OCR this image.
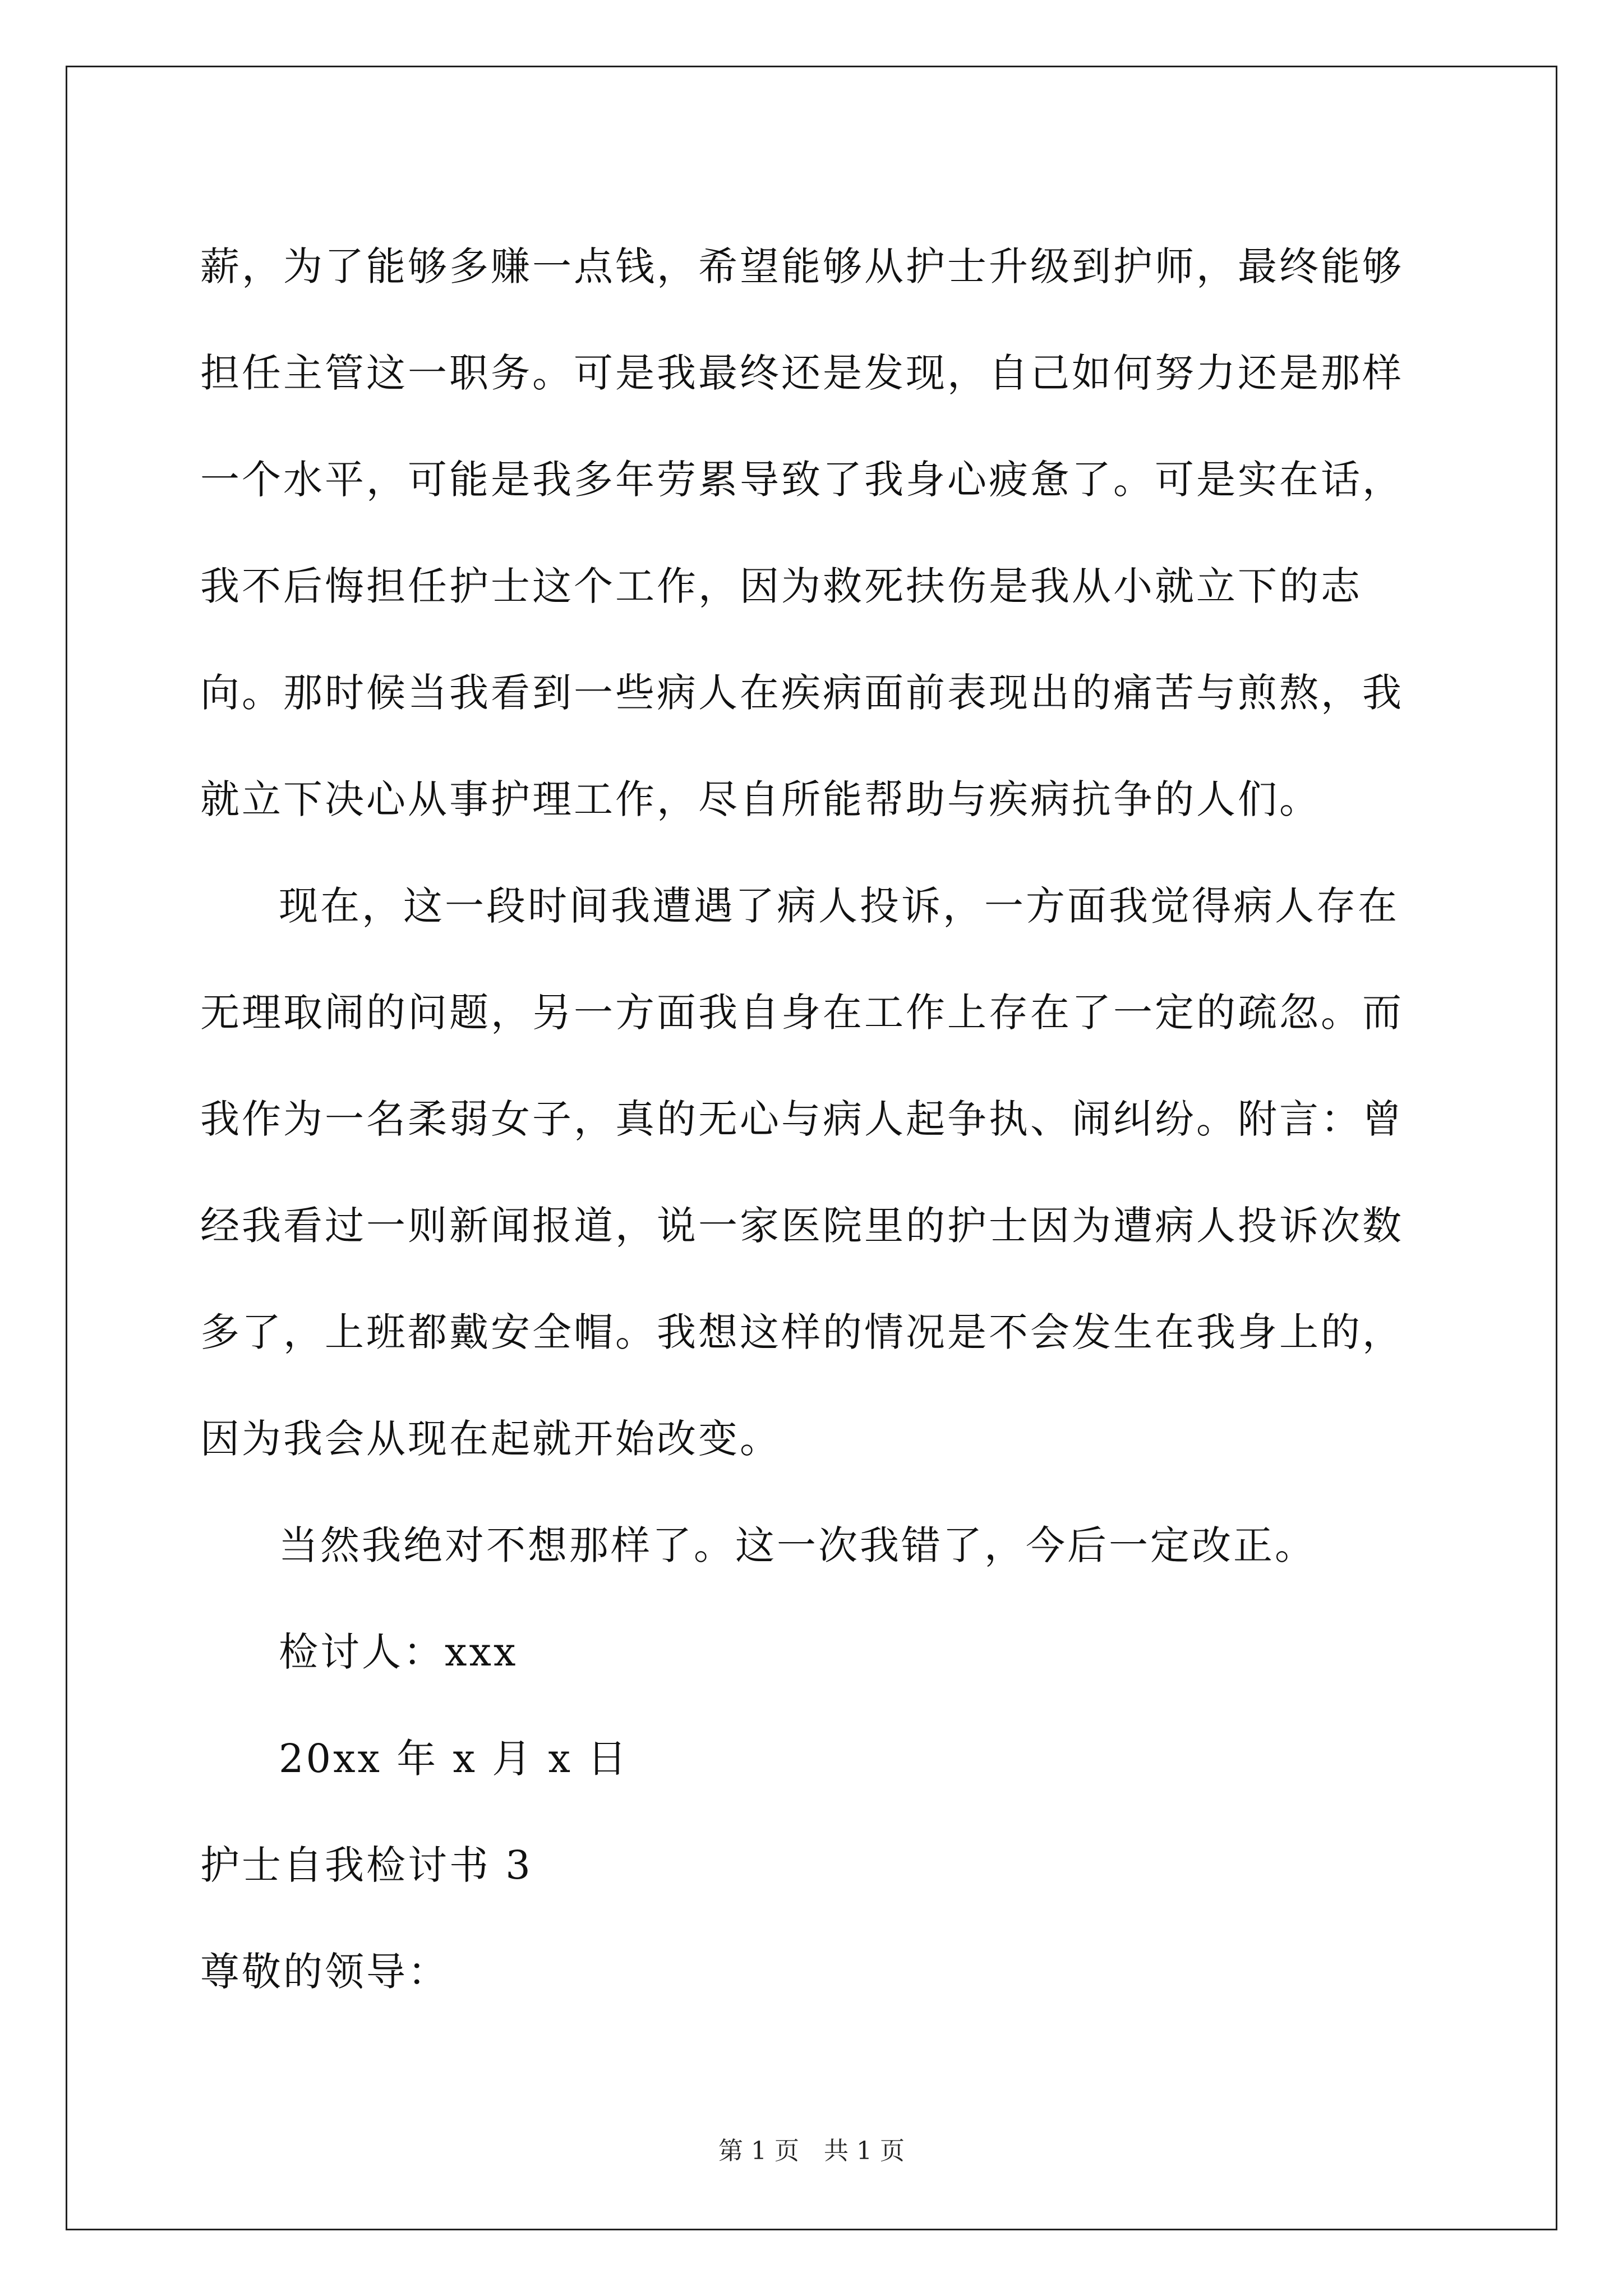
薪，为了能够多赚一点钱，希望能够从护士升级到护师，最终能够担任主管这一职务。可是我最终还是发现，自己如何努力还是那样一个水平，可能是我多年劳累导致了我身心疲惫了。可是实在话，我不后悔担任护士这个工作，因为救死扶伤是我从小就立下的志向。那时候当我看到一些病人在疾病面前表现出的痛苦与煎熬，我就立下决心从事护理工作，尽自所能帮助与疾病抗争的人们。

现在，这一段时间我遭遇了病人投诉，一方面我觉得病人存在无理取闹的问题，另一方面我自身在工作上存在了一定的疏忽。而我作为一名柔弱女子，真的无心与病人起争执、闹纠纷。附言：曾经我看过一则新闻报道，说一家医院里的护士因为遭病人投诉次数多了，上班都戴安全帽。我想这样的情况是不会发生在我身上的，因为我会从现在起就开始改变。

当然我绝对不想那样了。这一次我错了，今后一定改正。

检讨人：xxx

20xx 年 x 月 x 日

护士自我检讨书 3

尊敬的领导：

第 1 页　共 1 页
